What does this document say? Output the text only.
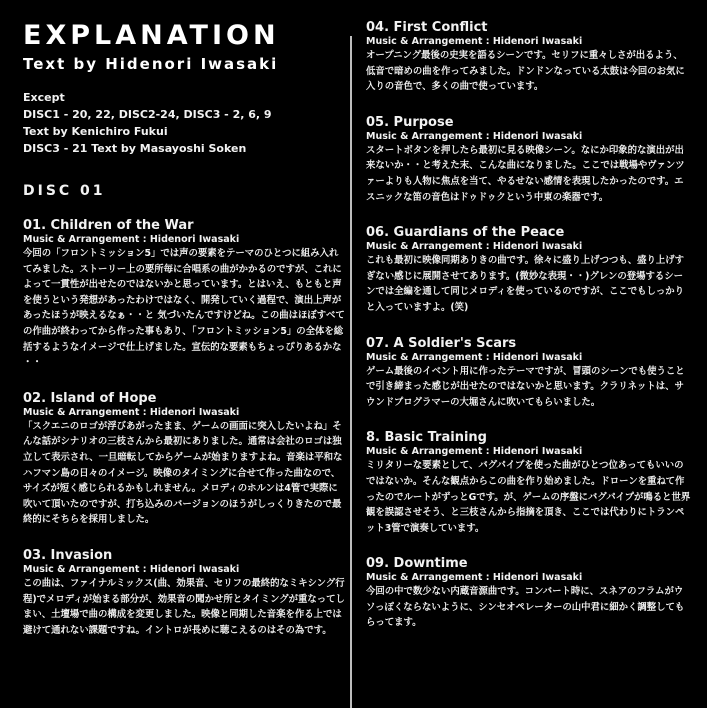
EXPLANATION
Text by Hidenori Iwasaki
Except
DISC1 - 20, 22, DISC2-24, DISC3 - 2, 6, 9
Text by Kenichiro Fukui
DISC3 - 21 Text by Masayoshi Soken
DISC 01
01. Children of the War
Music & Arrangement : Hidenori Iwasaki
今回の「フロントミッション5」では声の要素をテーマのひとつに組み入れてみました。ストーリー上の要所毎に合唱系の曲がかかるのですが、これによって一貫性が出せたのではないかと思っています。とはいえ、もともと声を使うという発想があったわけではなく、開発していく過程で、演出上声があったほうが映えるなぁ・・と 気づいたんですけどね。この曲はほぼすべての作曲が終わってから作った事もあり、「フロントミッション5」の全体を総括するようなイメージで仕上げました。宣伝的な要素もちょっぴりあるかな・・
02. Island of Hope
Music & Arrangement : Hidenori Iwasaki
「スクエニのロゴが浮びあがったまま、ゲームの画面に突入したいよね」そんな話がシナリオの三枝さんから最初にありました。通常は会社のロゴは独立して表示され、一旦暗転してからゲームが始まりますよね。音楽は平和なハフマン島の日々のイメージ。映像のタイミングに合せて作った曲なので、サイズが短く感じられるかもしれません。メロディのホルンは4管で実際に吹いて頂いたのですが、打ち込みのバージョンのほうがしっくりきたので最終的にそちらを採用しました。
03. Invasion
Music & Arrangement : Hidenori Iwasaki
この曲は、ファイナルミックス(曲、効果音、セリフの最終的なミキシング行程)でメロディが始まる部分が、効果音の聞かせ所とタイミングが重なってしまい、土壇場で曲の構成を変更しました。映像と同期した音楽を作る上では避けて通れない課題ですね。イントロが長めに聴こえるのはその為です。
04. First Conflict
Music & Arrangement : Hidenori Iwasaki
オープニング最後の史実を語るシーンです。セリフに重々しさが出るよう、低音で暗めの曲を作ってみました。ドンドンなっている太鼓は今回のお気に入りの音色で、多くの曲で使っています。
05. Purpose
Music & Arrangement : Hidenori Iwasaki
スタートボタンを押したら最初に見る映像シーン。なにか印象的な演出が出来ないか・・と考えた末、こんな曲になりました。ここでは戦場やヴァンツァーよりも人物に焦点を当て、やるせない感情を表現したかったのです。エスニックな笛の音色はドゥドゥクという中東の楽器です。
06. Guardians of the Peace
Music & Arrangement : Hidenori Iwasaki
これも最初に映像同期ありきの曲です。徐々に盛り上げつつも、盛り上げすぎない感じに展開させてあります。(微妙な表現・・)グレンの登場するシーンでは全編を通して同じメロディを使っているのですが、ここでもしっかりと入っていますよ。(笑)
07. A Soldier's Scars
Music & Arrangement : Hidenori Iwasaki
ゲーム最後のイベント用に作ったテーマですが、冒頭のシーンでも使うことで引き締まった感じが出せたのではないかと思います。クラリネットは、サウンドプログラマーの大堀さんに吹いてもらいました。
8. Basic Training
Music & Arrangement : Hidenori Iwasaki
ミリタリーな要素として、バグパイプを使った曲がひとつ位あってもいいのではないか。そんな観点からこの曲を作り始めました。ドローンを重ねて作ったのでルートがずっとGです。が、ゲームの序盤にバグパイプが鳴ると世界観を誤認させそう、と三枝さんから指摘を頂き、ここでは代わりにトランペット3管で演奏しています。
09. Downtime
Music & Arrangement : Hidenori Iwasaki
今回の中で数少ない内蔵音源曲です。コンバート時に、スネアのフラムがウソっぽくならないように、シンセオペレーターの山中君に細かく調整してもらってます。
